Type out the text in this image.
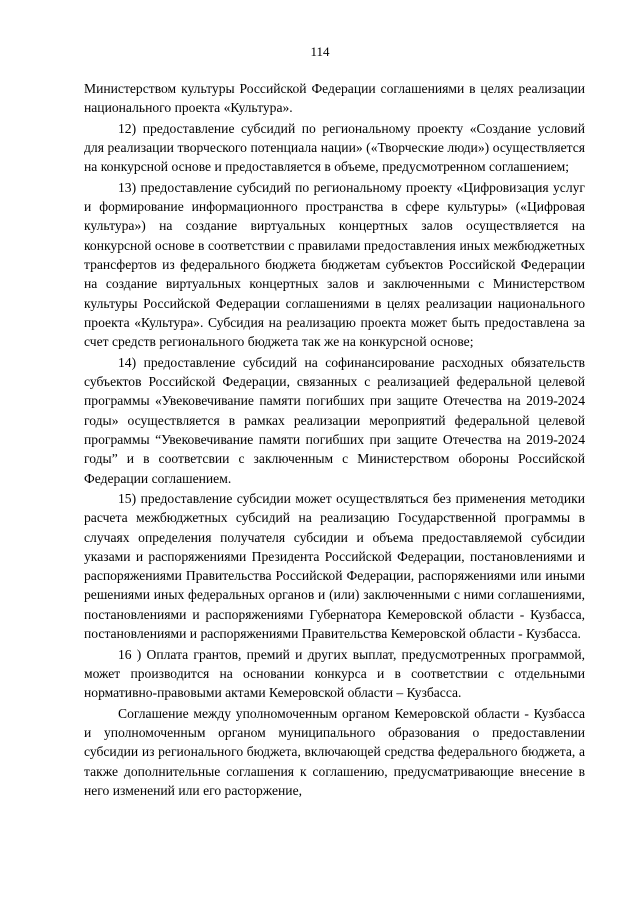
114

Министерством культуры Российской Федерации соглашениями в целях реализации национального проекта «Культура».

12) предоставление субсидий по региональному проекту «Создание условий для реализации творческого потенциала нации» («Творческие люди») осуществляется на конкурсной основе и предоставляется в объеме, предусмотренном соглашением;

13) предоставление субсидий по региональному проекту «Цифровизация услуг и формирование информационного пространства в сфере культуры» («Цифровая культура») на создание виртуальных концертных залов осуществляется на конкурсной основе в соответствии с правилами предоставления иных межбюджетных трансфертов из федерального бюджета бюджетам субъектов Российской Федерации на создание виртуальных концертных залов и заключенными с Министерством культуры Российской Федерации соглашениями в целях реализации национального проекта «Культура». Субсидия на реализацию проекта может быть предоставлена за счет средств регионального бюджета так же на конкурсной основе;

14) предоставление субсидий на софинансирование расходных обязательств субъектов Российской Федерации, связанных с реализацией федеральной целевой программы «Увековечивание памяти погибших при защите Отечества на 2019-2024 годы» осуществляется в рамках реализации мероприятий федеральной целевой программы “Увековечивание памяти погибших при защите Отечества на 2019-2024 годы” и в соответсвии с заключенным с Министерством обороны Российской Федерации соглашением.

15) предоставление субсидии может осуществляться без применения методики расчета межбюджетных субсидий на реализацию Государственной программы в случаях определения получателя субсидии и объема предоставляемой субсидии указами и распоряжениями Президента Российской Федерации, постановлениями и распоряжениями Правительства Российской Федерации, распоряжениями или иными решениями иных федеральных органов и (или) заключенными с ними соглашениями, постановлениями и распоряжениями Губернатора Кемеровской области - Кузбасса, постановлениями и распоряжениями Правительства Кемеровской области - Кузбасса.

16 ) Оплата грантов, премий и других выплат, предусмотренных программой, может производится на основании конкурса и в соответствии с отдельными нормативно-правовыми актами Кемеровской области – Кузбасса.

Соглашение между уполномоченным органом Кемеровской области - Кузбасса и уполномоченным органом муниципального образования о предоставлении субсидии из регионального бюджета, включающей средства федерального бюджета, а также дополнительные соглашения к соглашению, предусматривающие внесение в него изменений или его расторжение,
